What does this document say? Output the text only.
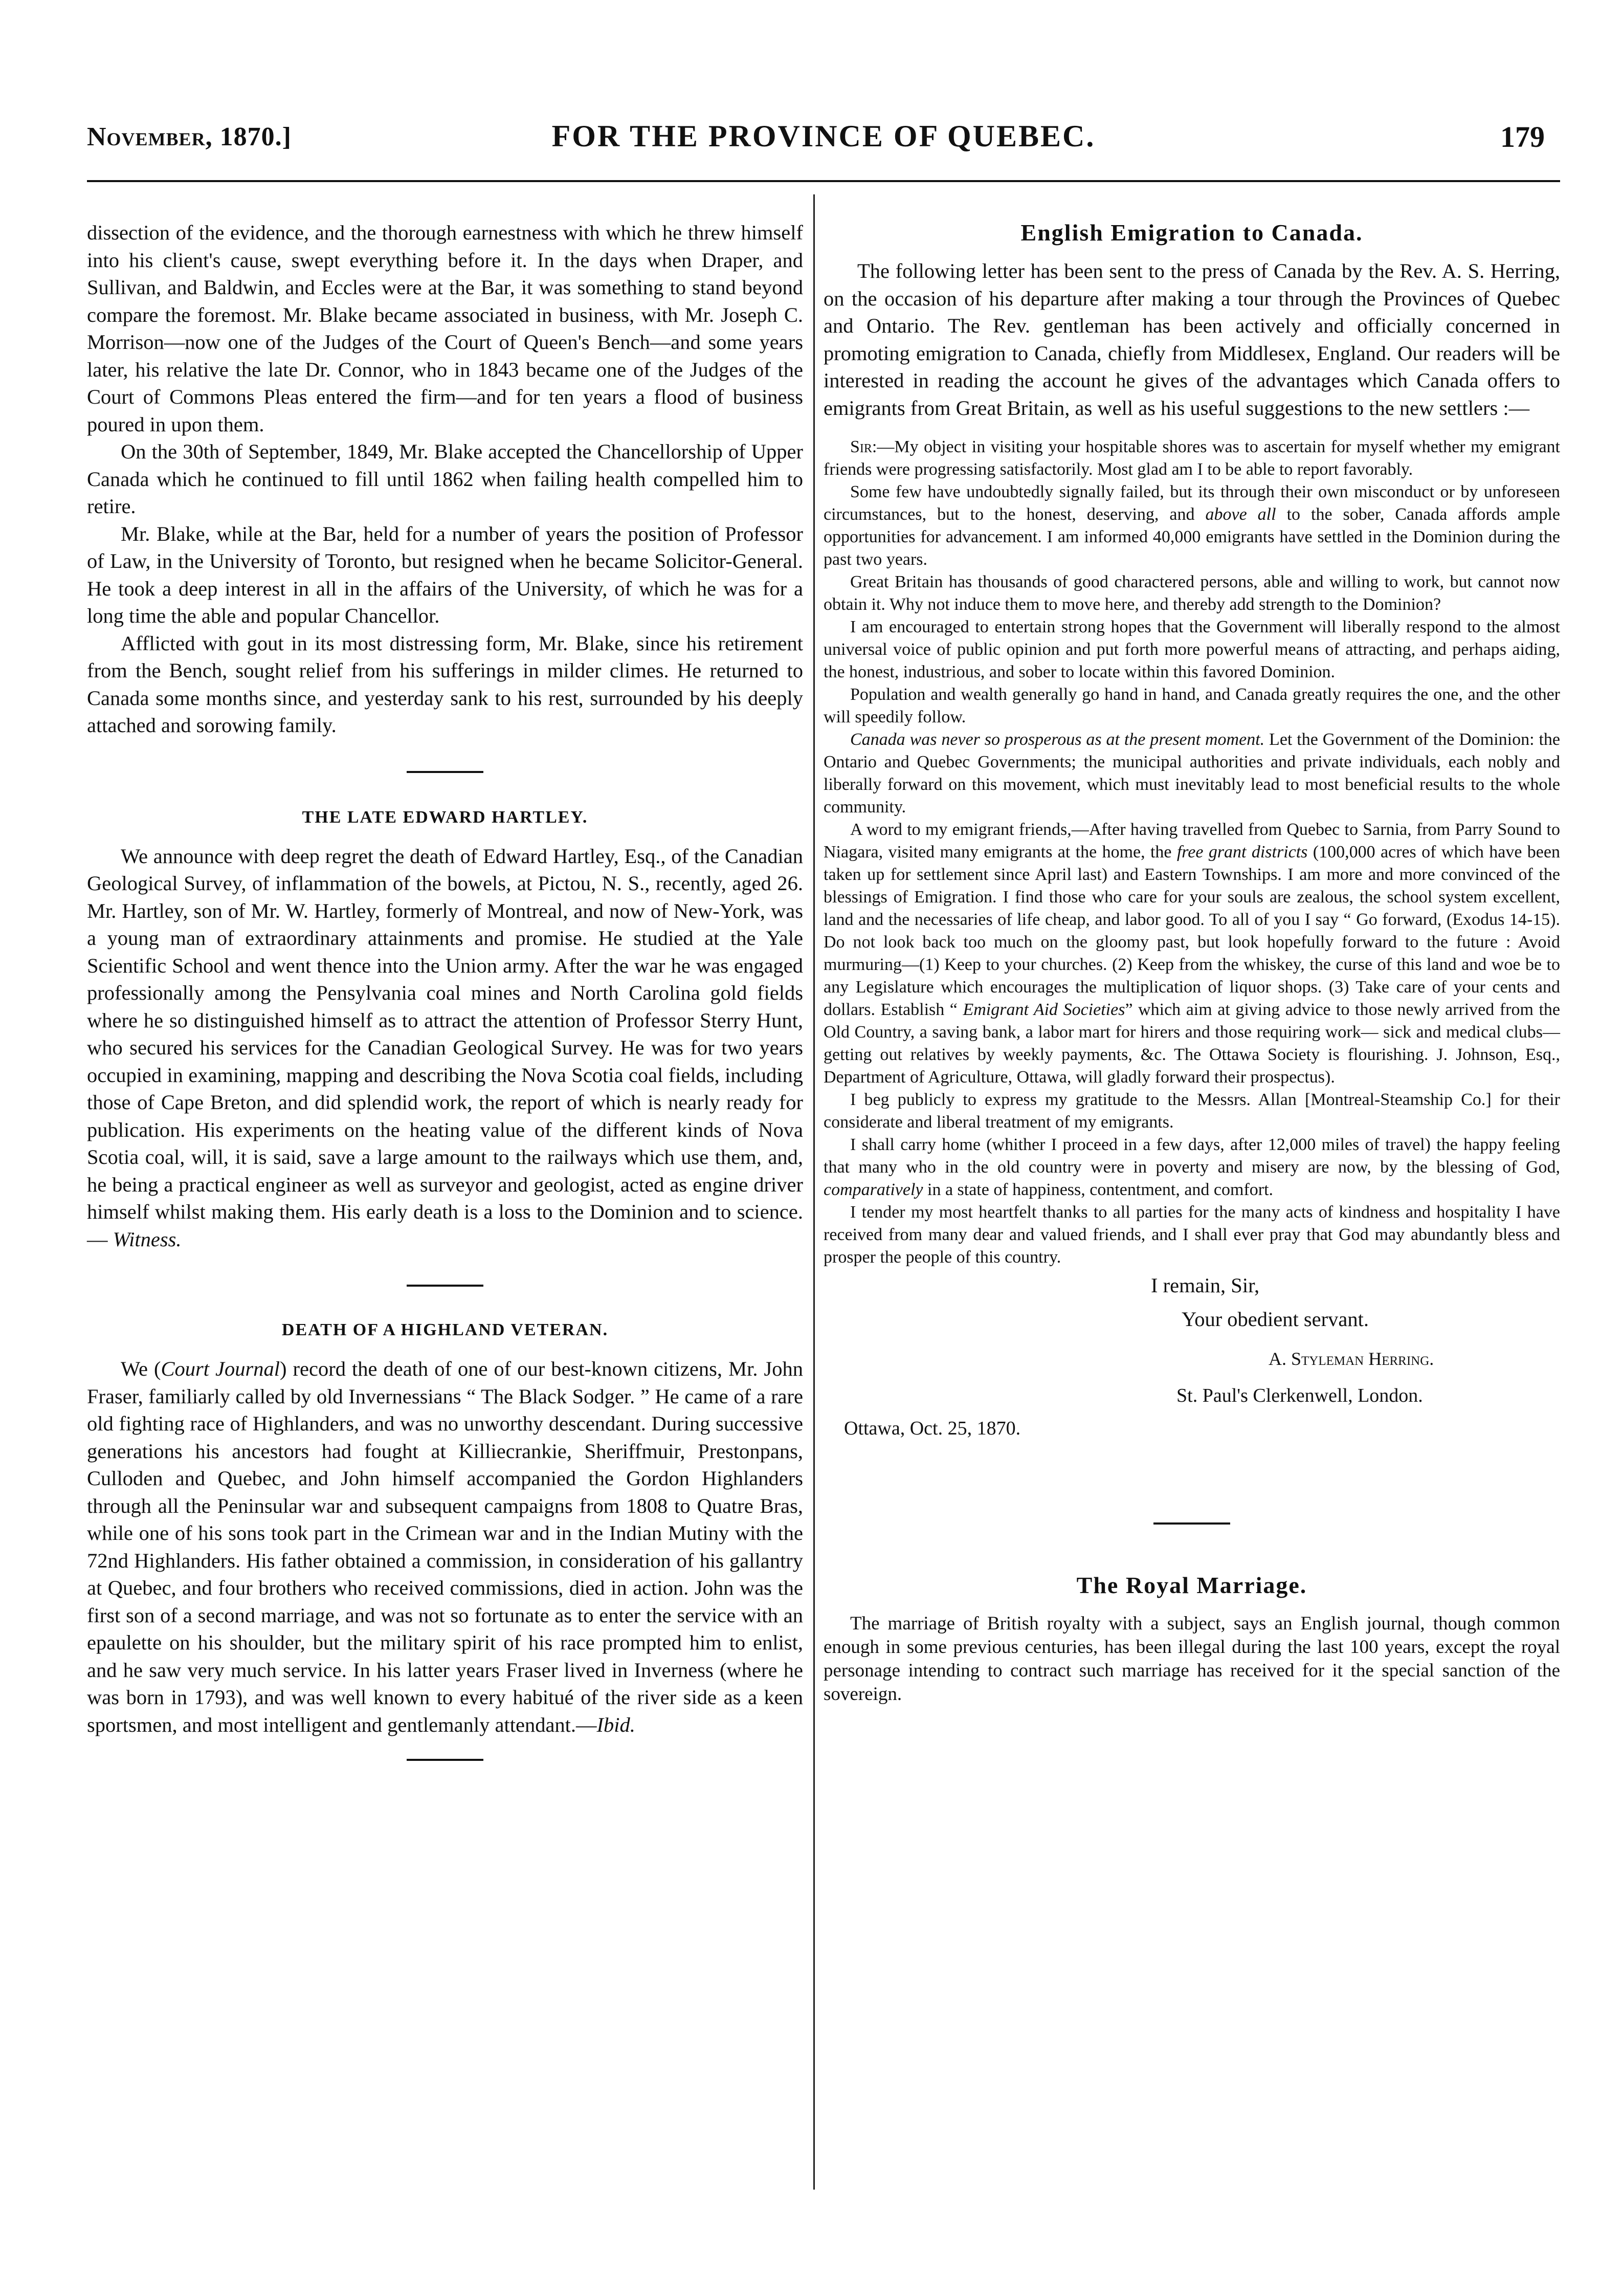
November, 1870.]	FOR THE PROVINCE OF QUEBEC.	179

dissection of the evidence, and the thorough earnestness with which he threw himself into his client's cause, swept everything before it. In the days when Draper, and Sullivan, and Baldwin, and Eccles were at the Bar, it was something to stand beyond compare the foremost. Mr. Blake became associated in business, with Mr. Joseph C. Morrison—now one of the Judges of the Court of Queen's Bench—and some years later, his relative the late Dr. Connor, who in 1843 became one of the Judges of the Court of Commons Pleas entered the firm—and for ten years a flood of business poured in upon them.

On the 30th of September, 1849, Mr. Blake accepted the Chancellorship of Upper Canada which he continued to fill until 1862 when failing health compelled him to retire.

Mr. Blake, while at the Bar, held for a number of years the position of Professor of Law, in the University of Toronto, but resigned when he became Solicitor-General. He took a deep interest in all in the affairs of the University, of which he was for a long time the able and popular Chancellor.

Afflicted with gout in its most distressing form, Mr. Blake, since his retirement from the Bench, sought relief from his sufferings in milder climes. He returned to Canada some months since, and yesterday sank to his rest, surrounded by his deeply attached and sorowing family.

THE LATE EDWARD HARTLEY.

We announce with deep regret the death of Edward Hartley, Esq., of the Canadian Geological Survey, of inflammation of the bowels, at Pictou, N. S., recently, aged 26. Mr. Hartley, son of Mr. W. Hartley, formerly of Montreal, and now of New-York, was a young man of extraordinary attainments and promise. He studied at the Yale Scientific School and went thence into the Union army. After the war he was engaged professionally among the Pensylvania coal mines and North Carolina gold fields where he so distinguished himself as to attract the attention of Professor Sterry Hunt, who secured his services for the Canadian Geological Survey. He was for two years occupied in examining, mapping and describing the Nova Scotia coal fields, including those of Cape Breton, and did splendid work, the report of which is nearly ready for publication. His experiments on the heating value of the different kinds of Nova Scotia coal, will, it is said, save a large amount to the railways which use them, and, he being a practical engineer as well as surveyor and geologist, acted as engine driver himself whilst making them. His early death is a loss to the Dominion and to science.— Witness.

DEATH OF A HIGHLAND VETERAN.

We (Court Journal) record the death of one of our best-known citizens, Mr. John Fraser, familiarly called by old Invernessians “ The Black Sodger. ” He came of a rare old fighting race of Highlanders, and was no unworthy descendant. During successive generations his ancestors had fought at Killiecrankie, Sheriffmuir, Prestonpans, Culloden and Quebec, and John himself accompanied the Gordon Highlanders through all the Peninsular war and subsequent campaigns from 1808 to Quatre Bras, while one of his sons took part in the Crimean war and in the Indian Mutiny with the 72nd Highlanders. His father obtained a commission, in consideration of his gallantry at Quebec, and four brothers who received commissions, died in action. John was the first son of a second marriage, and was not so fortunate as to enter the service with an epaulette on his shoulder, but the military spirit of his race prompted him to enlist, and he saw very much service. In his latter years Fraser lived in Inverness (where he was born in 1793), and was well known to every habitué of the river side as a keen sportsmen, and most intelligent and gentlemanly attendant.—Ibid.

English Emigration to Canada.

The following letter has been sent to the press of Canada by the Rev. A. S. Herring, on the occasion of his departure after making a tour through the Provinces of Quebec and Ontario. The Rev. gentleman has been actively and officially concerned in promoting emigration to Canada, chiefly from Middlesex, England. Our readers will be interested in reading the account he gives of the advantages which Canada offers to emigrants from Great Britain, as well as his useful suggestions to the new settlers :—

Sir:—My object in visiting your hospitable shores was to ascertain for myself whether my emigrant friends were progressing satisfactorily. Most glad am I to be able to report favorably.

Some few have undoubtedly signally failed, but its through their own misconduct or by unforeseen circumstances, but to the honest, deserving, and above all to the sober, Canada affords ample opportunities for advancement. I am informed 40,000 emigrants have settled in the Dominion during the past two years.

Great Britain has thousands of good charactered persons, able and willing to work, but cannot now obtain it. Why not induce them to move here, and thereby add strength to the Dominion?

I am encouraged to entertain strong hopes that the Government will liberally respond to the almost universal voice of public opinion and put forth more powerful means of attracting, and perhaps aiding, the honest, industrious, and sober to locate within this favored Dominion.

Population and wealth generally go hand in hand, and Canada greatly requires the one, and the other will speedily follow.

Canada was never so prosperous as at the present moment. Let the Government of the Dominion: the Ontario and Quebec Governments; the municipal authorities and private individuals, each nobly and liberally forward on this movement, which must inevitably lead to most beneficial results to the whole community.

A word to my emigrant friends,—After having travelled from Quebec to Sarnia, from Parry Sound to Niagara, visited many emigrants at the home, the free grant districts (100,000 acres of which have been taken up for settlement since April last) and Eastern Townships. I am more and more convinced of the blessings of Emigration. I find those who care for your souls are zealous, the school system excellent, land and the necessaries of life cheap, and labor good. To all of you I say “ Go forward, (Exodus 14-15). Do not look back too much on the gloomy past, but look hopefully forward to the future : Avoid murmuring—(1) Keep to your churches. (2) Keep from the whiskey, the curse of this land and woe be to any Legislature which encourages the multiplication of liquor shops. (3) Take care of your cents and dollars. Establish “ Emigrant Aid Societies” which aim at giving advice to those newly arrived from the Old Country, a saving bank, a labor mart for hirers and those requiring work— sick and medical clubs— getting out relatives by weekly payments, &c. The Ottawa Society is flourishing. J. Johnson, Esq., Department of Agriculture, Ottawa, will gladly forward their prospectus).

I beg publicly to express my gratitude to the Messrs. Allan [Montreal-Steamship Co.] for their considerate and liberal treatment of my emigrants.

I shall carry home (whither I proceed in a few days, after 12,000 miles of travel) the happy feeling that many who in the old country were in poverty and misery are now, by the blessing of God, comparatively in a state of happiness, contentment, and comfort.

I tender my most heartfelt thanks to all parties for the many acts of kindness and hospitality I have received from many dear and valued friends, and I shall ever pray that God may abundantly bless and prosper the people of this country.

I remain, Sir,
Your obedient servant.
A. Styleman Herring.
St. Paul's Clerkenwell, London.
Ottawa, Oct. 25, 1870.
The Royal Marriage.

The marriage of British royalty with a subject, says an English journal, though common enough in some previous centuries, has been illegal during the last 100 years, except the royal personage intending to contract such marriage has received for it the special sanction of the sovereign.
